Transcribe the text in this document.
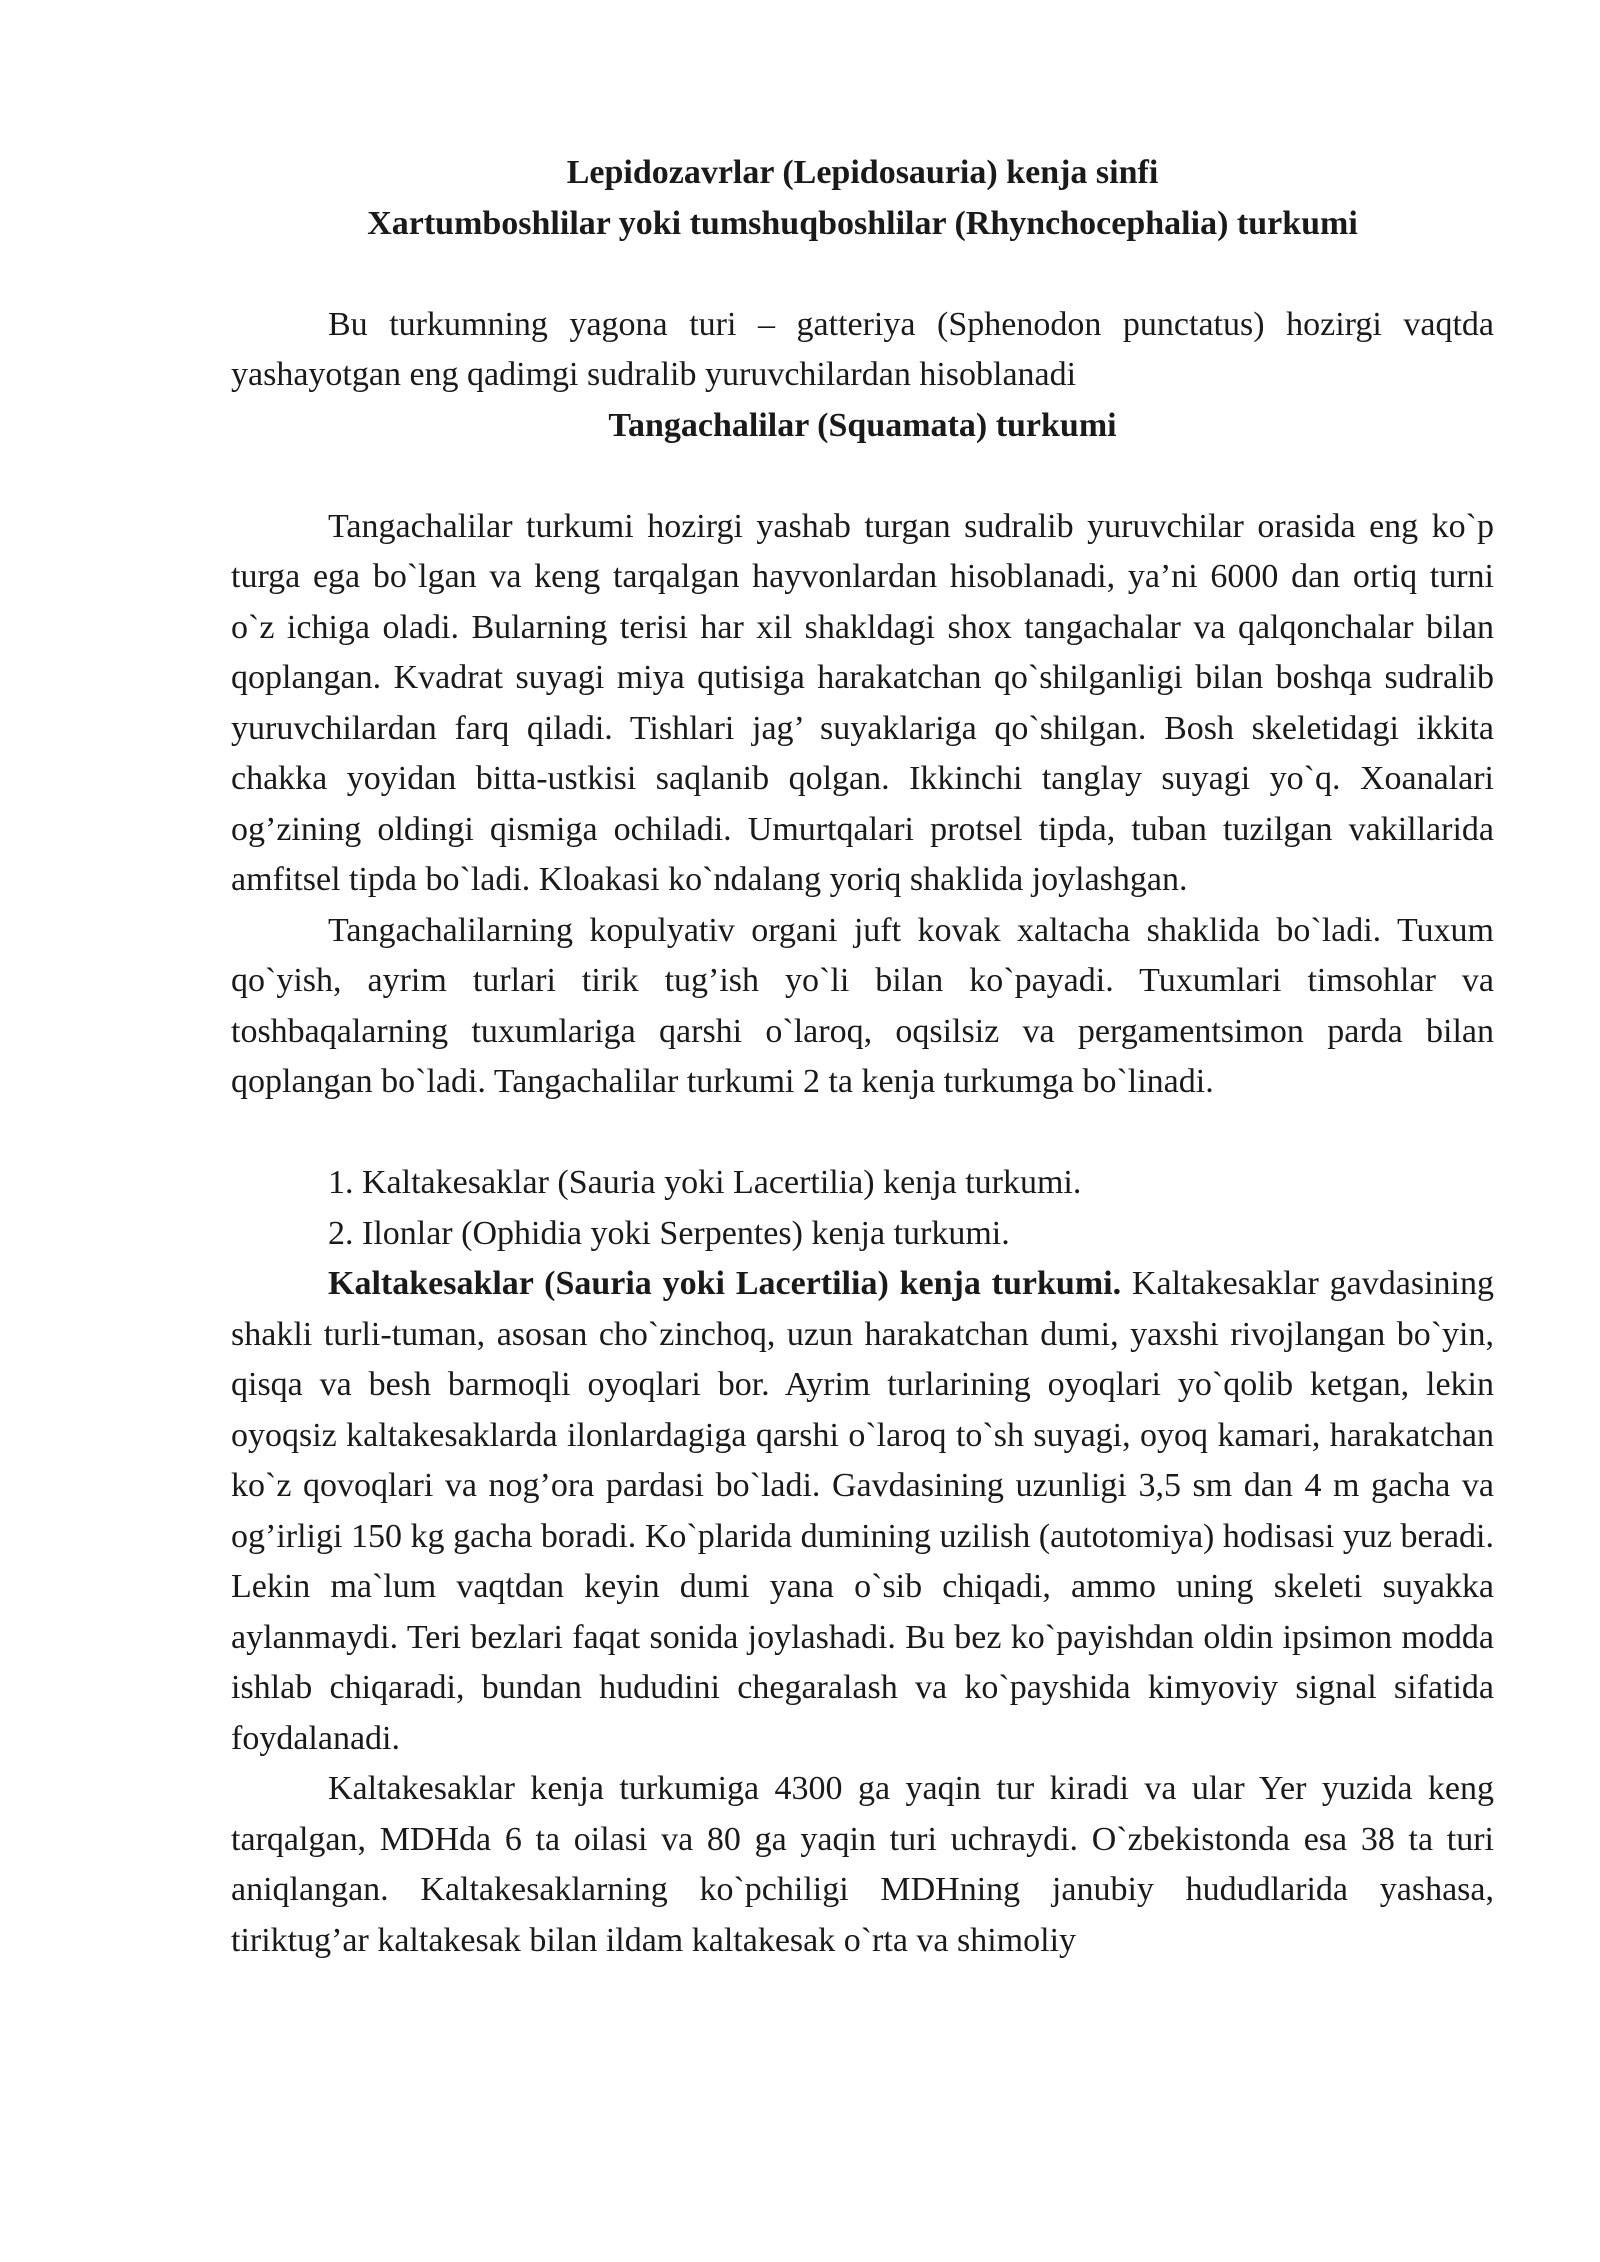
Lepidozavrlar (Lepidosauria) kenja sinfi
Xartumboshlilar yoki tumshuqboshlilar (Rhynchocephalia) turkumi

Bu turkumning yagona turi – gatteriya (Sphenodon punctatus) hozirgi vaqtda yashayotgan eng qadimgi sudralib yuruvchilardan hisoblanadi

Tangachalilar (Squamata) turkumi

Tangachalilar turkumi hozirgi yashab turgan sudralib yuruvchilar orasida eng ko`p turga ega bo`lgan va keng tarqalgan hayvonlardan hisoblanadi, ya’ni 6000 dan ortiq turni o`z ichiga oladi. Bularning terisi har xil shakldagi shox tangachalar va qalqonchalar bilan qoplangan. Kvadrat suyagi miya qutisiga harakatchan qo`shilganligi bilan boshqa sudralib yuruvchilardan farq qiladi. Tishlari jag’ suyaklariga qo`shilgan. Bosh skeletidagi ikkita chakka yoyidan bitta-ustkisi saqlanib qolgan. Ikkinchi tanglay suyagi yo`q. Xoanalari og’zining oldingi qismiga ochiladi. Umurtqalari protsel tipda, tuban tuzilgan vakillarida amfitsel tipda bo`ladi. Kloakasi ko`ndalang yoriq shaklida joylashgan.

Tangachalilarning kopulyativ organi juft kovak xaltacha shaklida bo`ladi. Tuxum qo`yish, ayrim turlari tirik tug’ish yo`li bilan ko`payadi. Tuxumlari timsohlar va toshbaqalarning tuxumlariga qarshi o`laroq, oqsilsiz va pergamentsimon parda bilan qoplangan bo`ladi. Tangachalilar turkumi 2 ta kenja turkumga bo`linadi.

1. Kaltakesaklar (Sauria yoki Lacertilia) kenja turkumi.
2. Ilonlar (Ophidia yoki Serpentes) kenja turkumi.

Kaltakesaklar (Sauria yoki Lacertilia) kenja turkumi. Kaltakesaklar gavdasining shakli turli-tuman, asosan cho`zinchoq, uzun harakatchan dumi, yaxshi rivojlangan bo`yin, qisqa va besh barmoqli oyoqlari bor. Ayrim turlarining oyoqlari yo`qolib ketgan, lekin oyoqsiz kaltakesaklarda ilonlardagiga qarshi o`laroq to`sh suyagi, oyoq kamari, harakatchan ko`z qovoqlari va nog’ora pardasi bo`ladi. Gavdasining uzunligi 3,5 sm dan 4 m gacha va og’irligi 150 kg gacha boradi. Ko`plarida dumining uzilish (autotomiya) hodisasi yuz beradi. Lekin ma`lum vaqtdan keyin dumi yana o`sib chiqadi, ammo uning skeleti suyakka aylanmaydi. Teri bezlari faqat sonida joylashadi. Bu bez ko`payishdan oldin ipsimon modda ishlab chiqaradi, bundan hududini chegaralash va ko`payshida kimyoviy signal sifatida foydalanadi.

Kaltakesaklar kenja turkumiga 4300 ga yaqin tur kiradi va ular Yer yuzida keng tarqalgan, MDHda 6 ta oilasi va 80 ga yaqin turi uchraydi. O`zbekistonda esa 38 ta turi aniqlangan. Kaltakesaklarning ko`pchiligi MDHning janubiy hududlarida yashasa, tiriktug’ar kaltakesak bilan ildam kaltakesak o`rta va shimoliy
